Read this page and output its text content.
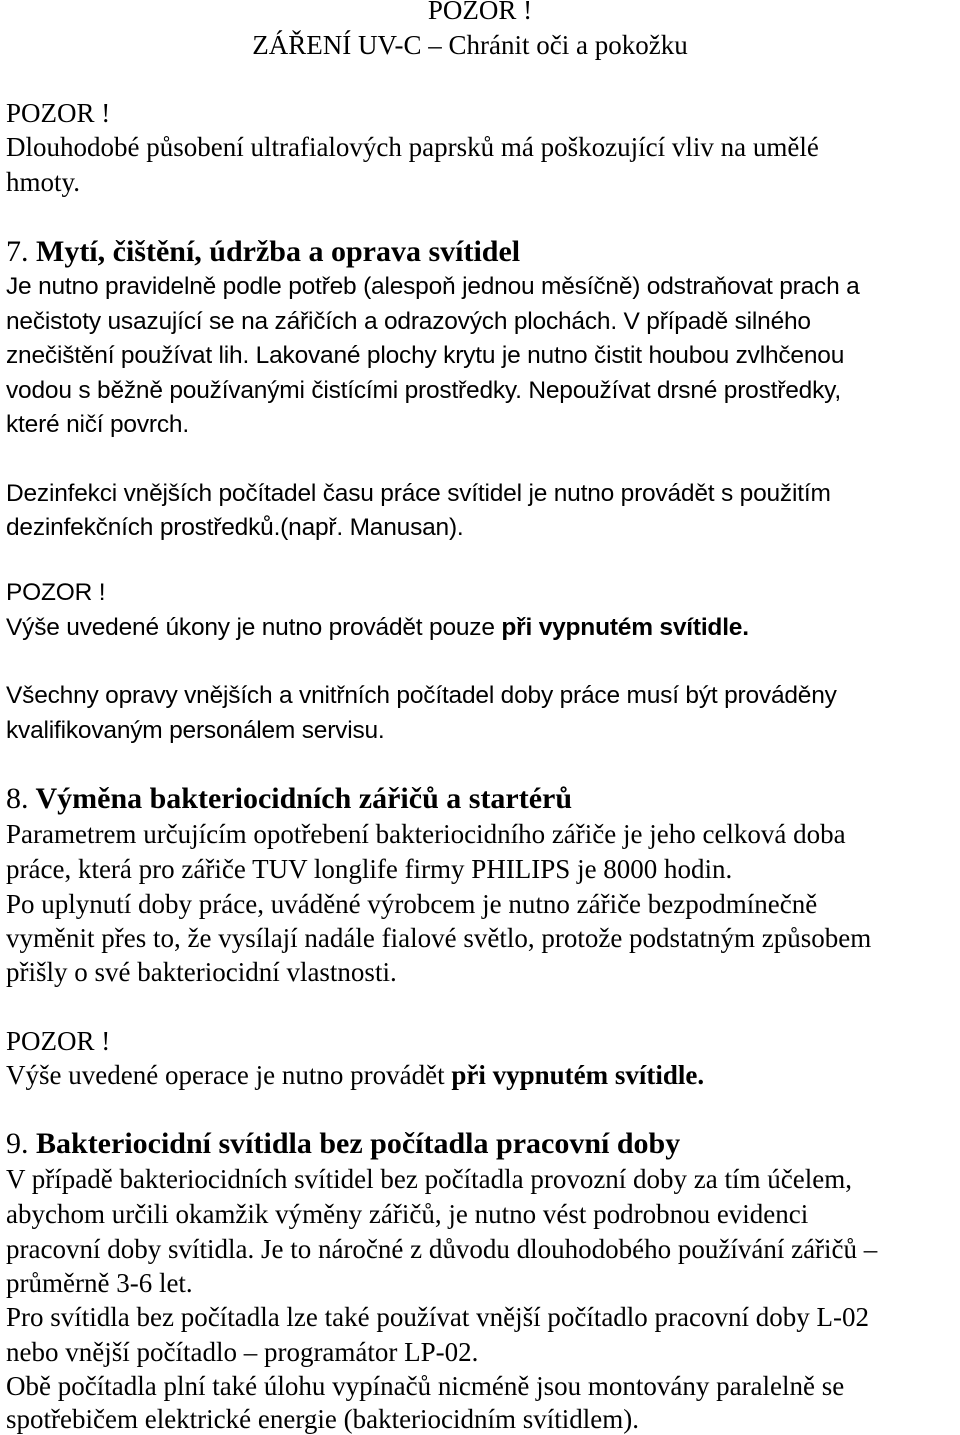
POZOR !
ZÁŘENÍ UV-C – Chránit oči a pokožku
POZOR !
Dlouhodobé působení ultrafialových paprsků má poškozující vliv na umělé
hmoty.
7. Mytí, čištění, údržba a oprava svítidel
Je nutno pravidelně podle potřeb (alespoň jednou měsíčně) odstraňovat prach a
nečistoty usazující se na zářičích a odrazových plochách. V případě silného
znečištění používat lih. Lakované plochy krytu je nutno čistit houbou zvlhčenou
vodou s běžně používanými čistícími prostředky. Nepoužívat drsné prostředky,
které ničí povrch.
Dezinfekci vnějších počítadel času práce svítidel je nutno provádět s použitím
dezinfekčních prostředků.(např. Manusan).
POZOR !
Výše uvedené úkony je nutno provádět pouze při vypnutém svítidle.
Všechny opravy vnějších a vnitřních počítadel doby práce musí být prováděny
kvalifikovaným personálem servisu.
8. Výměna bakteriocidních zářičů a startérů
Parametrem určujícím opotřebení bakteriocidního zářiče je jeho celková doba
práce, která pro zářiče TUV longlife firmy PHILIPS je 8000 hodin.
Po uplynutí doby práce, uváděné výrobcem je nutno zářiče bezpodmínečně
vyměnit přes to, že vysílají nadále fialové světlo, protože podstatným způsobem
přišly o své bakteriocidní vlastnosti.
POZOR !
Výše uvedené operace je nutno provádět při vypnutém svítidle.
9. Bakteriocidní svítidla bez počítadla pracovní doby
V případě bakteriocidních svítidel bez počítadla provozní doby za tím účelem,
abychom určili okamžik výměny zářičů, je nutno vést podrobnou evidenci
pracovní doby svítidla. Je to náročné z důvodu dlouhodobého používání zářičů –
průměrně 3-6 let.
Pro svítidla bez počítadla lze také používat vnější počítadlo pracovní doby L-02
nebo vnější počítadlo – programátor LP-02.
Obě počítadla plní také úlohu vypínačů nicméně jsou montovány paralelně se
spotřebičem elektrické energie (bakteriocidním svítidlem).
